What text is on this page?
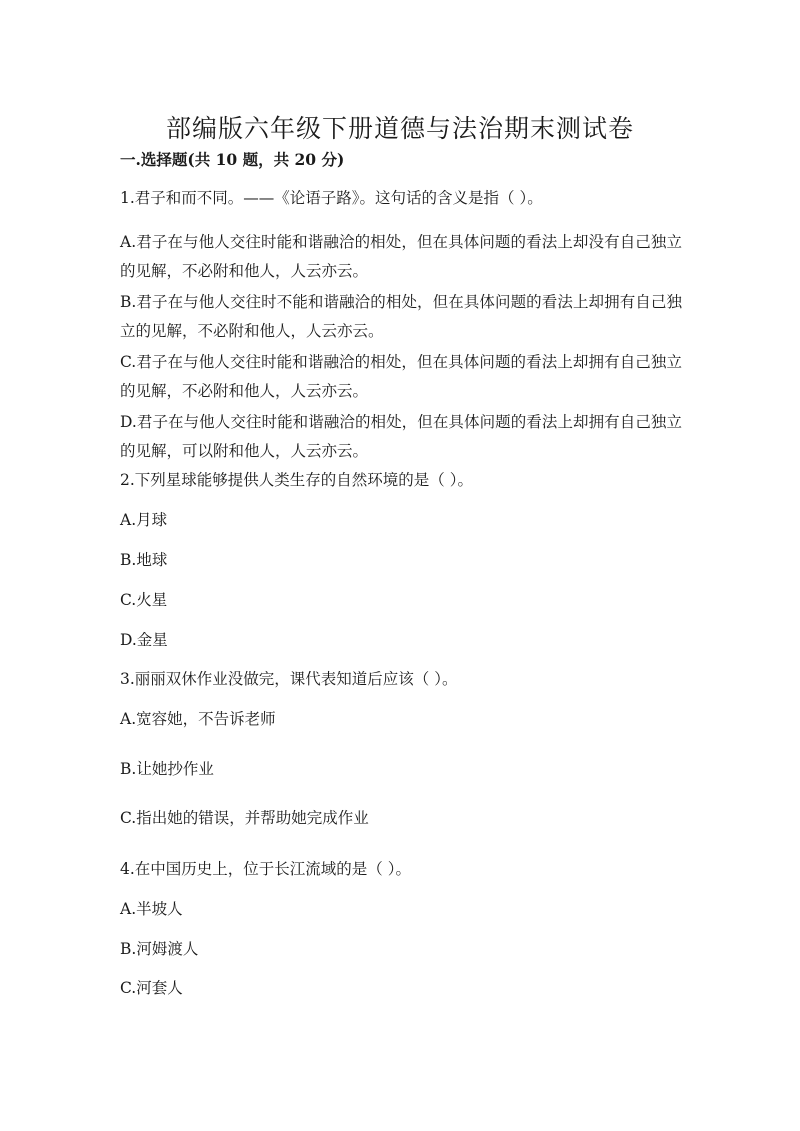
部编版六年级下册道德与法治期末测试卷
一.选择题(共 10 题，共 20 分)
1.君子和而不同。——《论语子路》。这句话的含义是指（ ）。
A.君子在与他人交往时能和谐融洽的相处，但在具体问题的看法上却没有自己独立的见解，不必附和他人，人云亦云。
B.君子在与他人交往时不能和谐融洽的相处，但在具体问题的看法上却拥有自己独立的见解，不必附和他人，人云亦云。
C.君子在与他人交往时能和谐融洽的相处，但在具体问题的看法上却拥有自己独立的见解，不必附和他人，人云亦云。
D.君子在与他人交往时能和谐融洽的相处，但在具体问题的看法上却拥有自己独立的见解，可以附和他人，人云亦云。
2.下列星球能够提供人类生存的自然环境的是（ ）。
A.月球
B.地球
C.火星
D.金星
3.丽丽双休作业没做完，课代表知道后应该（ ）。
A.宽容她，不告诉老师
B.让她抄作业
C.指出她的错误，并帮助她完成作业
4.在中国历史上，位于长江流域的是（ ）。
A.半坡人
B.河姆渡人
C.河套人
